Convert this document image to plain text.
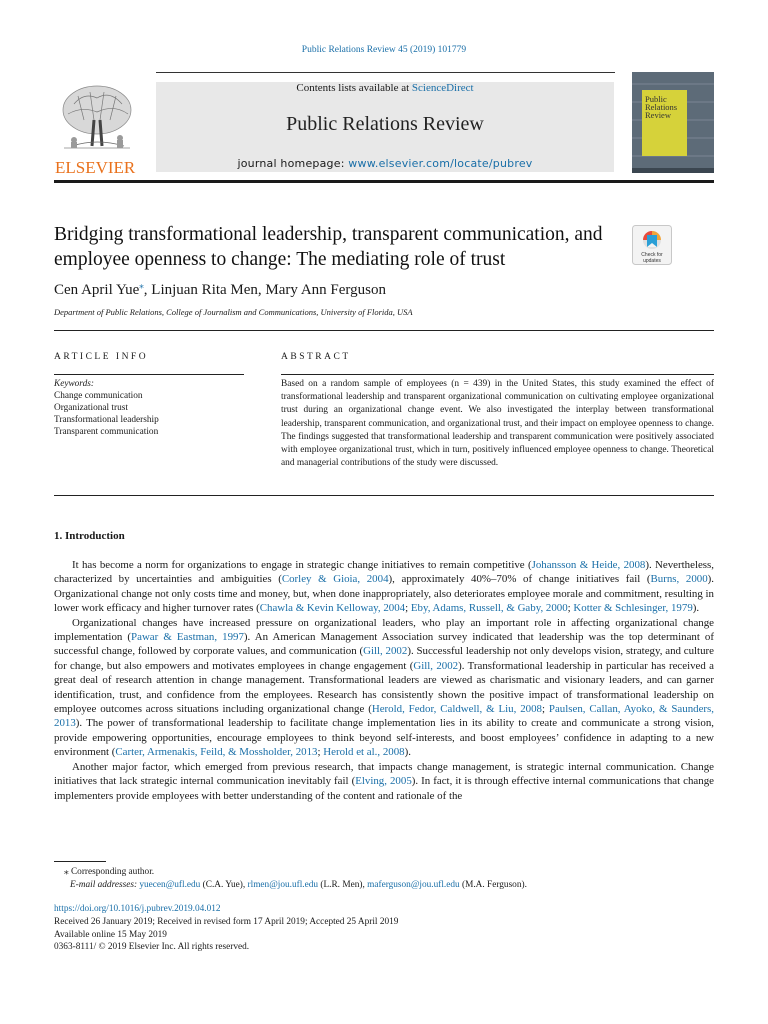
Public Relations Review 45 (2019) 101779
Contents lists available at ScienceDirect
Public Relations Review
journal homepage: www.elsevier.com/locate/pubrev
ELSEVIER
Public
Relations
Review
Check for
updates
Bridging transformational leadership, transparent communication, and employee openness to change: The mediating role of trust
Cen April Yue⁎, Linjuan Rita Men, Mary Ann Ferguson
Department of Public Relations, College of Journalism and Communications, University of Florida, USA
ARTICLE INFO
Keywords:
Change communication
Organizational trust
Transformational leadership
Transparent communication
ABSTRACT
Based on a random sample of employees (n = 439) in the United States, this study examined the effect of transformational leadership and transparent organizational communication on cultivating employee organizational trust during an organizational change event. We also investigated the interplay between transformational leadership, transparent communication, and organizational trust, and their impact on employee openness to change. The findings suggested that transformational leadership and transparent communication were positively associated with employee organizational trust, which in turn, positively influenced employee openness to change. Theoretical and managerial contributions of the study were discussed.
1. Introduction

It has become a norm for organizations to engage in strategic change initiatives to remain competitive (Johansson & Heide, 2008). Nevertheless, characterized by uncertainties and ambiguities (Corley & Gioia, 2004), approximately 40%–70% of change initiatives fail (Burns, 2000). Organizational change not only costs time and money, but, when done inappropriately, also deteriorates employee morale and commitment, resulting in lower work efficacy and higher turnover rates (Chawla & Kevin Kelloway, 2004; Eby, Adams, Russell, & Gaby, 2000; Kotter & Schlesinger, 1979).

Organizational changes have increased pressure on organizational leaders, who play an important role in affecting organizational change implementation (Pawar & Eastman, 1997). An American Management Association survey indicated that leadership was the top determinant of successful change, followed by corporate values, and communication (Gill, 2002). Successful leadership not only develops vision, strategy, and culture for change, but also empowers and motivates employees in change engagement (Gill, 2002). Transformational leadership in particular has received a great deal of research attention in change management. Transformational leaders are viewed as charismatic and visionary leaders, and can garner identification, trust, and confidence from the employees. Research has consistently shown the positive impact of transformational leadership on employee outcomes across situations including organizational change (Herold, Fedor, Caldwell, & Liu, 2008; Paulsen, Callan, Ayoko, & Saunders, 2013). The power of transformational leadership to facilitate change implementation lies in its ability to create and communicate a strong vision, provide empowering opportunities, encourage employees to think beyond self-interests, and boost employees’ confidence in adapting to a new environment (Carter, Armenakis, Feild, & Mossholder, 2013; Herold et al., 2008).

Another major factor, which emerged from previous research, that impacts change management, is strategic internal communication. Change initiatives that lack strategic internal communication inevitably fail (Elving, 2005). In fact, it is through effective internal communications that change implementers provide employees with better understanding of the content and rationale of the

⁎ Corresponding author.
E-mail addresses: yuecen@ufl.edu (C.A. Yue), rlmen@jou.ufl.edu (L.R. Men), maferguson@jou.ufl.edu (M.A. Ferguson).
https://doi.org/10.1016/j.pubrev.2019.04.012
Received 26 January 2019; Received in revised form 17 April 2019; Accepted 25 April 2019
Available online 15 May 2019
0363-8111/ © 2019 Elsevier Inc. All rights reserved.
